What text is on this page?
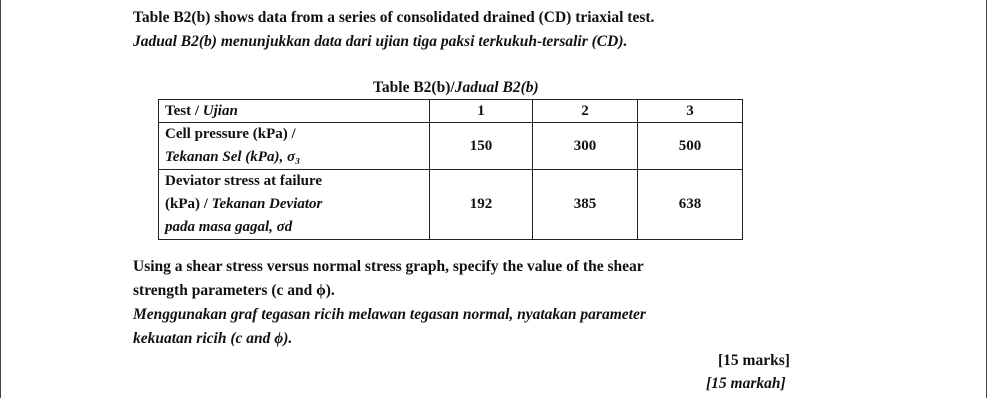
Table B2(b) shows data from a series of consolidated drained (CD) triaxial test.
Jadual B2(b) menunjukkan data dari ujian tiga paksi terkukuh-tersalir (CD).
Table B2(b)/Jadual B2(b)
Test / Ujian	1	2	3

Cell pressure (kPa) /
Tekanan Sel (kPa), σ₃	150	300	500

Deviator stress at failure
(kPa) / Tekanan Deviator
pada masa gagal, σd	192	385	638
Using a shear stress versus normal stress graph, specify the value of the shear
strength parameters (c and ϕ).
Menggunakan graf tegasan ricih melawan tegasan normal, nyatakan parameter
kekuatan ricih (c and ϕ).
[15 marks]
[15 markah]
